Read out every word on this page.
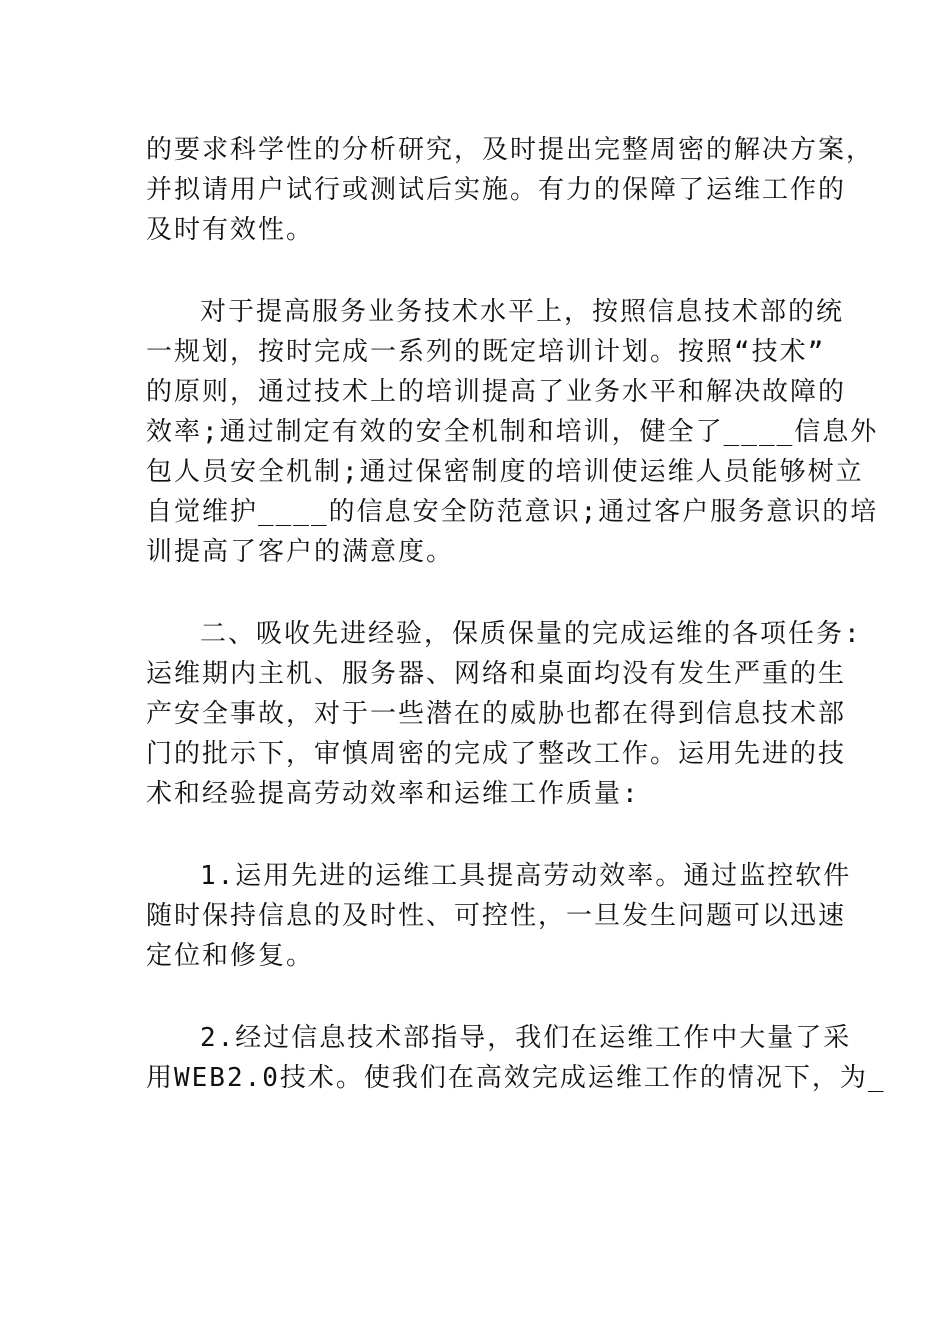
的要求科学性的分析研究，及时提出完整周密的解决方案，
并拟请用户试行或测试后实施。有力的保障了运维工作的
及时有效性。
对于提高服务业务技术水平上，按照信息技术部的统
一规划，按时完成一系列的既定培训计划。按照“技术”
的原则，通过技术上的培训提高了业务水平和解决故障的
效率;通过制定有效的安全机制和培训，健全了____信息外
包人员安全机制;通过保密制度的培训使运维人员能够树立
自觉维护____的信息安全防范意识;通过客户服务意识的培
训提高了客户的满意度。
二、吸收先进经验，保质保量的完成运维的各项任务:
运维期内主机、服务器、网络和桌面均没有发生严重的生
产安全事故，对于一些潜在的威胁也都在得到信息技术部
门的批示下，审慎周密的完成了整改工作。运用先进的技
术和经验提高劳动效率和运维工作质量:
1.运用先进的运维工具提高劳动效率。通过监控软件
随时保持信息的及时性、可控性，一旦发生问题可以迅速
定位和修复。
2.经过信息技术部指导，我们在运维工作中大量了采
用WEB2.0技术。使我们在高效完成运维工作的情况下，为_
